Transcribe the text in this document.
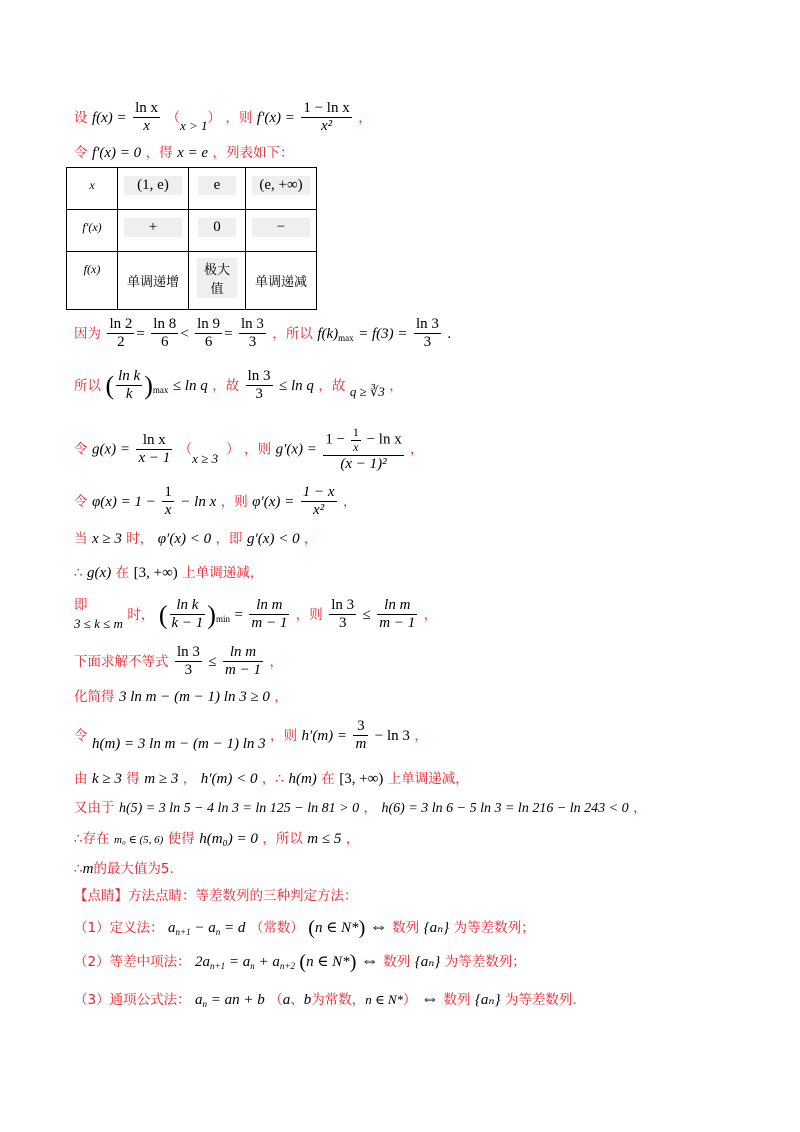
设 $f(x) = \frac{\text{ln x}}{x} (x > 1)$ ，则 $f'(x) = \frac{\text{1 − ln x}}{\text{x²}}$ ，
令 f′(x) = 0 ，得 x = e ，列表如下：
x	(1, e)	e	(e, +∞)
f′(x)	+	0	−
f(x)	单调递增	极大值	单调递减
因为 $\frac{\ln 2}{2} = \frac{\ln 8}{6} < \frac{\ln 9}{6} = \frac{\ln 3}{3}$ ，所以 $f(k)_{max} = f(3) = \frac{\ln 3}{3}$ .
所以 ( $\frac{\text{ln k}}{k} )_{max} \le \ln q$ ，故 $\frac{\ln 3}{3} \le \ln q$ ，故 q ≥ ∛3 ，
令 $g(x) = \frac{\text{ln x}}{x - 1} (x \ge 3)$ ，则 $g'(x) = \frac{1 - \frac{1}{x} - \ln x}{\text{(x − 1)²}}$ ，
令 $\varphi(x) = 1 - \frac{1}{x} - \ln x$ ，则 $\varphi'(x) = \frac{1 - x}{\text{x²}}$ ，
当 x ≥ 3 时， φ′(x) < 0 ，即 g′(x) < 0 ，
∴ g(x) 在 [3, +∞) 上单调递减，
即
3 ≤ k ≤ m 时， ( $\frac{\text{ln k}}{k - 1} )_{min} = \frac{\text{ln m}}{m - 1}$ ，则 $\frac{\ln 3}{3} \le \frac{\text{ln m}}{m - 1}$ ，
下面求解不等式 $\frac{\ln 3}{3} \le \frac{\text{ln m}}{m - 1}$ ，
化简得 3 ln m − (m − 1) ln 3 ≥ 0 ，
令 h(m) = 3 ln m − (m − 1) ln 3 ，则 $h'(m) = \frac{3}{m} - \ln 3$ ，
由 k ≥ 3 得 m ≥ 3 ， h′(m) < 0 ，∴ h(m) 在 [3, +∞) 上单调递减，
又由于 h(5) = 3 ln 5 − 4 ln 3 = ln 125 − ln 81 > 0 ， h(6) = 3 ln 6 − 5 ln 3 = ln 216 − ln 243 < 0 ，
∴存在 m₀ ∈ (5, 6) 使得 h(m₀) = 0 ，所以 m ≤ 5 ，
∴m的最大值为5.
【点睛】方法点睛：等差数列的三种判定方法：
（1）定义法： $a_{n+1} - a_n = d$ （常数） (n ∈ N*) ⇔ 数列 {aₙ} 为等差数列；
（2）等差中项法： $2a_{n+1} = a_n + a_{n+2}$ (n ∈ N*) ⇔ 数列 {aₙ} 为等差数列；
（3）通项公式法： $a_n$ = an + b （a、b为常数，n ∈ N*） ⇔ 数列 {aₙ} 为等差数列.
